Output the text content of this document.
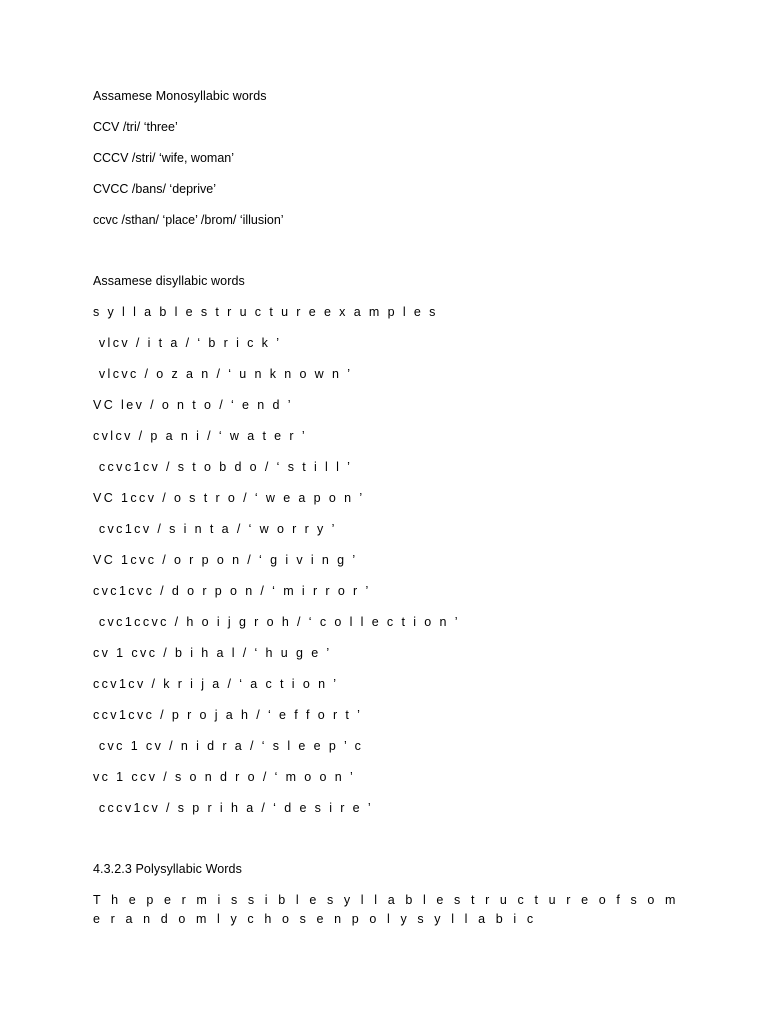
Assamese Monosyllabic words
CCV /tri/ ‘three’
CCCV /stri/ ‘wife, woman’
CVCC /bans/ ‘deprive’
ccvc /sthan/ ‘place’ /brom/ ‘illusion’
Assamese disyllabic words
s y l l a b l e s t r u c t u r e e x a m p l e s
vlcv / i t a / ‘ b r i c k ’
vlcvc / o z a n / ‘ u n k n o w n ’
VC lev / o n t o / ‘ e n d ’
cvlcv / p a n i / ‘ w a t e r ’
ccvc1cv / s t o b d o / ‘ s t i l l ’
VC 1ccv / o s t r o / ‘ w e a p o n ’
cvc1cv / s i n t a / ‘ w o r r y ’
VC 1cvc / o r p o n / ‘ g i v i n g ’
cvc1cvc / d o r p o n / ‘ m i r r o r ’
cvc1ccvc / h o i j g r o h / ‘ c o l l e c t i o n ’
cv 1 cvc / b i h a l / ‘ h u g e ’
ccv1cv / k r i j a / ‘ a c t i o n ’
ccv1cvc / p r o j a h / ‘ e f f o r t ’
cvc 1 cv / n i d r a / ‘ s l e e p ’ c
vc 1 ccv / s o n d r o / ‘ m o o n ’
cccv1cv / s p r i h a / ‘ d e s i r e ’
4.3.2.3 Polysyllabic Words
T h e p e r m i s s i b l e s y l l a b l e s t r u c t u r e o f s o m e r a n d o m l y c h o s e n p o l y s y l l a b i c
